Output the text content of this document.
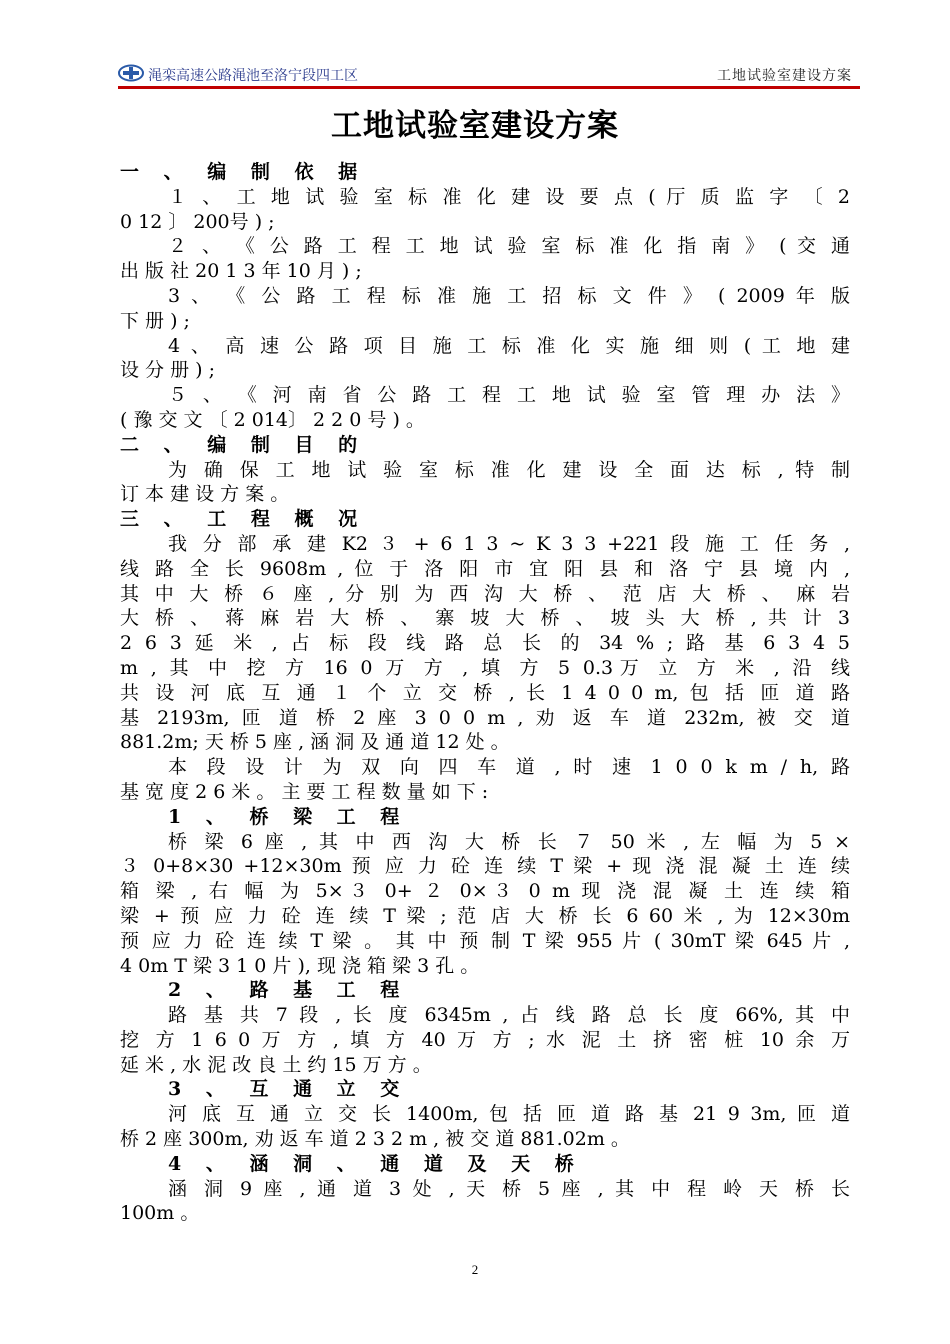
渑栾高速公路渑池至洛宁段四工区	工地试验室建设方案
工地试验室建设方案
一 、 编 制 依 据
１ 、 工 地 试 验 室 标 准 化 建 设 要 点 ( 厅 质 监 字 〔 2
0 12 〕 200号 ) ;
２ 、 《 公 路 工 程 工 地 试 验 室 标 准 化 指 南 》 ( 交 通
出 版 社 20 1 3 年 10 月 ) ;
3 、 《 公 路 工 程 标 准 施 工 招 标 文 件 》 ( 2009 年 版
下 册 ) ;
4 、 高 速 公 路 项 目 施 工 标 准 化 实 施 细 则 ( 工 地 建
设 分 册 ) ;
５ 、 《 河 南 省 公 路 工 程 工 地 试 验 室 管 理 办 法 》
( 豫 交 文 〔 2 014〕 2 2 0 号 ) 。
二 、 编 制 目 的
为 确 保 工 地 试 验 室 标 准 化 建 设 全 面 达 标 , 特 制
订 本 建 设 方 案 。
三 、 工 程 概 况
我 分 部 承 建 K2 ３ + 6 1 3 ~ K 3 3 +221 段 施 工 任 务 ,
线 路 全 长 9608m , 位 于 洛 阳 市 宜 阳 县 和 洛 宁 县 境 内 ,
其 中 大 桥 ６ 座 , 分 别 为 西 沟 大 桥 、 范 店 大 桥 、 麻 岩
大 桥 、 蒋 麻 岩 大 桥 、 寨 坡 大 桥 、 坡 头 大 桥 , 共 计 3
2 6 3 延 米 , 占 标 段 线 路 总 长 的 34 % ; 路 基 6 3 4 5
m , 其 中 挖 方 16 0 万 方 , 填 方 5 0.3万 立 方 米 , 沿 线
共 设 河 底 互 通 １ 个 立 交 桥 , 长 1 4 0 0 m, 包 括 匝 道 路
基 2193m, 匝 道 桥 2 座 3 0 0 m , 劝 返 车 道 232m, 被 交 道
881.2m; 天 桥 5 座 , 涵 洞 及 通 道 12 处 。
本 段 设 计 为 双 向 四 车 道 , 时 速 1 0 0 k m / h, 路
基 宽 度 2 6 米 。 主 要 工 程 数 量 如 下 :
1 、 桥 梁 工 程
桥 梁 6 座 , 其 中 西 沟 大 桥 长 ７ 50 米 , 左 幅 为 5 ×
３ 0+8×30 +12×30m 预 应 力 砼 连 续 T 梁 + 现 浇 混 凝 土 连 续
箱 梁 , 右 幅 为 5×３ 0+ ２ 0×３ 0 m 现 浇 混 凝 土 连 续 箱
梁 + 预 应 力 砼 连 续 T 梁 ; 范 店 大 桥 长 6 60 米 , 为 12×30m
预 应 力 砼 连 续 T 梁 。 其 中 预 制 T 梁 955 片 ( 30mT 梁 645 片 ,
4 0m T 梁 3 1 0 片 ), 现 浇 箱 梁 3 孔 。
2 、 路 基 工 程
路 基 共 7 段 , 长 度 6345m , 占 线 路 总 长 度 66%, 其 中
挖 方 1 6 0 万 方 , 填 方 40 万 方 ; 水 泥 土 挤 密 桩 10 余 万
延 米 , 水 泥 改 良 土 约 15 万 方 。
3 、 互 通 立 交
河 底 互 通 立 交 长 1400m, 包 括 匝 道 路 基 21 9 3m, 匝 道
桥 2 座 300m, 劝 返 车 道 2 3 2 m , 被 交 道 881.02m 。
4 、 涵 洞 、 通 道 及 天 桥
涵 洞 9 座 , 通 道 3 处 , 天 桥 5 座 , 其 中 程 岭 天 桥 长
100m 。
2
